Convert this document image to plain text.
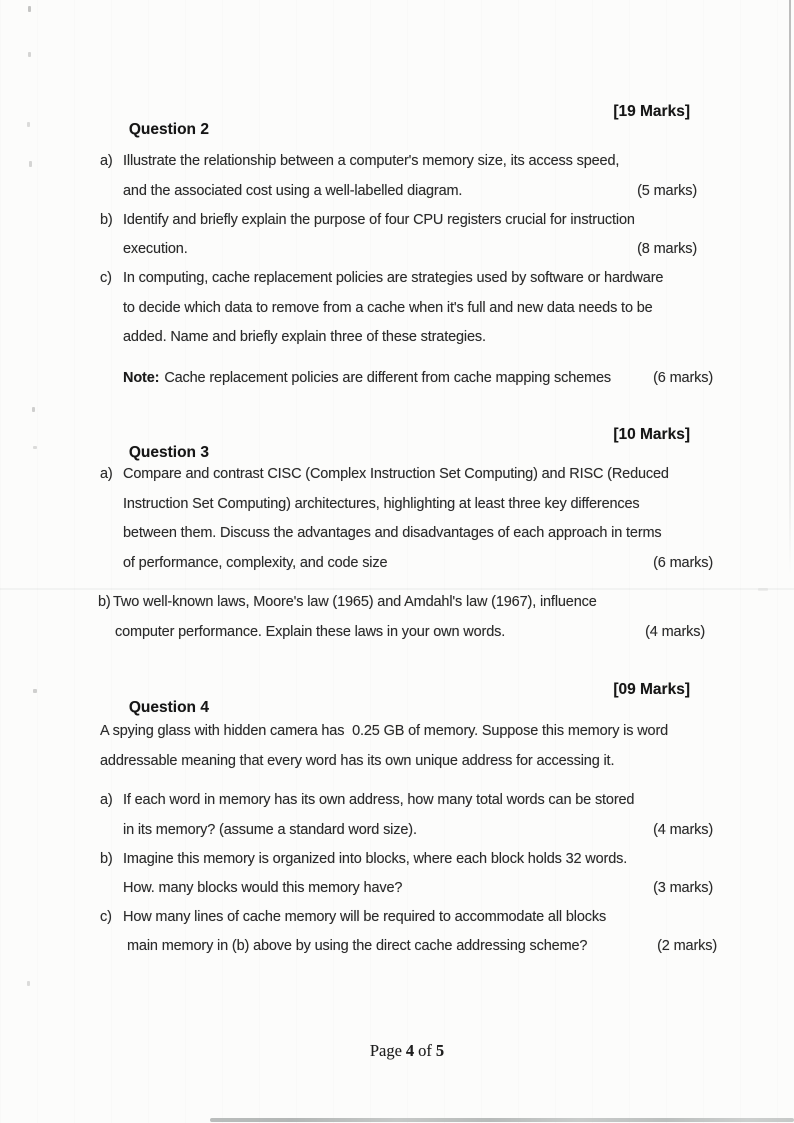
Question 2

[19 Marks]

a) Illustrate the relationship between a computer's memory size, its access speed,
and the associated cost using a well-labelled diagram.	(5 marks)
b) Identify and briefly explain the purpose of four CPU registers crucial for instruction
execution.	(8 marks)
c) In computing, cache replacement policies are strategies used by software or hardware
to decide which data to remove from a cache when it's full and new data needs to be
added. Name and briefly explain three of these strategies.
Note: Cache replacement policies are different from cache mapping schemes	(6 marks)

Question 3

[10 Marks]

a) Compare and contrast CISC (Complex Instruction Set Computing) and RISC (Reduced
Instruction Set Computing) architectures, highlighting at least three key differences
between them. Discuss the advantages and disadvantages of each approach in terms
of performance, complexity, and code size	(6 marks)
b) Two well-known laws, Moore's law (1965) and Amdahl's law (1967), influence
computer performance. Explain these laws in your own words.	(4 marks)

Question 4

[09 Marks]

A spying glass with hidden camera has  0.25 GB of memory. Suppose this memory is word
addressable meaning that every word has its own unique address for accessing it.
a) If each word in memory has its own address, how many total words can be stored
in its memory? (assume a standard word size).	(4 marks)
b) Imagine this memory is organized into blocks, where each block holds 32 words.
How. many blocks would this memory have?	(3 marks)
c) How many lines of cache memory will be required to accommodate all blocks
main memory in (b) above by using the direct cache addressing scheme?	(2 marks)
Page 4 of 5
